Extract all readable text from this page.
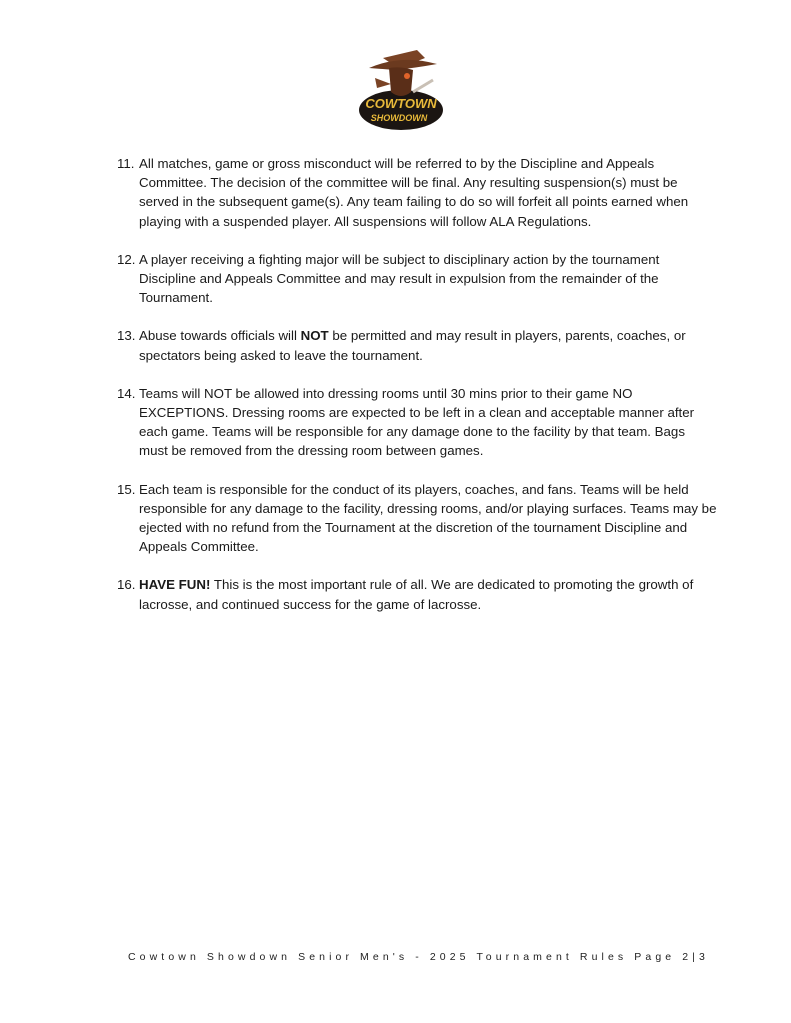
COWTOWN
SHOWDOWN
11. All matches, game or gross misconduct will be referred to by the Discipline and Appeals Committee. The decision of the committee will be final. Any resulting suspension(s) must be served in the subsequent game(s). Any team failing to do so will forfeit all points earned when playing with a suspended player. All suspensions will follow ALA Regulations.
12. A player receiving a fighting major will be subject to disciplinary action by the tournament Discipline and Appeals Committee and may result in expulsion from the remainder of the Tournament.
13. Abuse towards officials will NOT be permitted and may result in players, parents, coaches, or spectators being asked to leave the tournament.
14. Teams will NOT be allowed into dressing rooms until 30 mins prior to their game NO EXCEPTIONS. Dressing rooms are expected to be left in a clean and acceptable manner after each game. Teams will be responsible for any damage done to the facility by that team. Bags must be removed from the dressing room between games.
15. Each team is responsible for the conduct of its players, coaches, and fans. Teams will be held responsible for any damage to the facility, dressing rooms, and/or playing surfaces. Teams may be ejected with no refund from the Tournament at the discretion of the tournament Discipline and Appeals Committee.
16. HAVE FUN! This is the most important rule of all. We are dedicated to promoting the growth of lacrosse, and continued success for the game of lacrosse.
Cowtown Showdown Senior Men's - 2025 Tournament Rules Page 2|3
